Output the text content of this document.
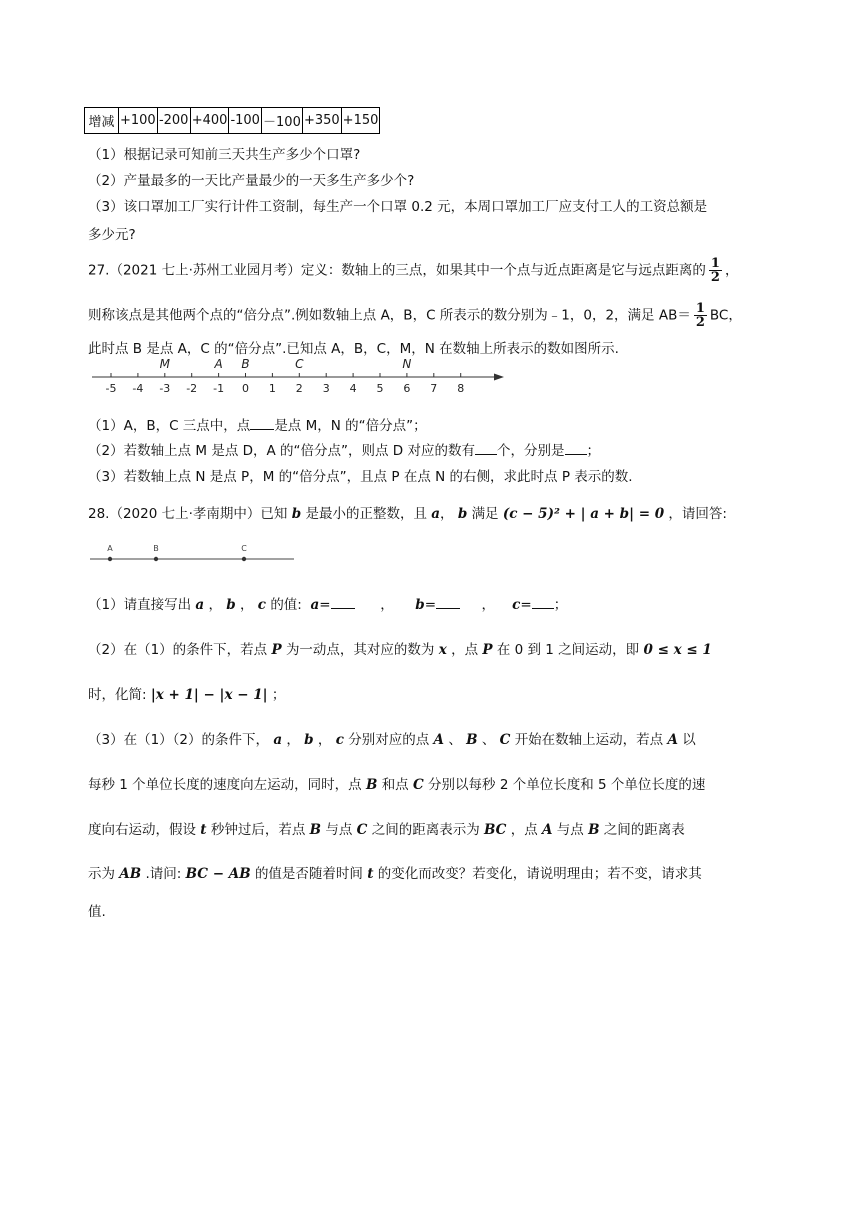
增减	+100	-200	+400	-100	－100	+350	+150
（1）根据记录可知前三天共生产多少个口罩?
（2）产量最多的一天比产量最少的一天多生产多少个?
（3）该口罩加工厂实行计件工资制，每生产一个口罩 0.2 元，本周口罩加工厂应支付工人的工资总额是
多少元?
27.（2021 七上·苏州工业园月考）定义：数轴上的三点，如果其中一个点与近点距离是它与远点距离的 $\frac{1}{2}$ ，
则称该点是其他两个点的“倍分点”.例如数轴上点 A，B，C 所表示的数分别为﹣1，0，2，满足 $AB= \frac{1}{2}$ BC，
此时点 B 是点 A，C 的“倍分点”.已知点 A，B，C，M，N 在数轴上所表示的数如图所示.
-5 -4 -3 -2 -1 0 1 2 3 4 5 6 7 8
M	A B	C	N
（1）A，B，C 三点中，点 是点 M，N 的“倍分点”；
（2）若数轴上点 M 是点 D，A 的“倍分点”，则点 D 对应的数有 个，分别是 ；
（3）若数轴上点 N 是点 P，M 的“倍分点”，且点 P 在点 N 的右侧，求此时点 P 表示的数.
28.（2020 七上·孝南期中）已知 b 是最小的正整数，且 a， b 满足 (c − 5)² + | a + b| = 0 ，请回答:
A	B	C
（1）请直接写出 a ， b ， c 的值: a=	， b=	， c= ；
（2）在（1）的条件下，若点 P 为一动点，其对应的数为 x ，点 P 在 0 到 1 之间运动，即 0 ≤ x ≤ 1
时，化简: |x + 1| − |x − 1| ；
（3）在（1）（2）的条件下， a ， b ， c 分别对应的点 A 、 B 、 C 开始在数轴上运动，若点 A 以
每秒 1 个单位长度的速度向左运动，同时，点 B 和点 C 分别以每秒 2 个单位长度和 5 个单位长度的速
度向右运动，假设 t 秒钟过后，若点 B 与点 C 之间的距离表示为 BC ，点 A 与点 B 之间的距离表
示为 AB .请问: BC − AB 的值是否随着时间 t 的变化而改变？若变化，请说明理由；若不变，请求其
值.
